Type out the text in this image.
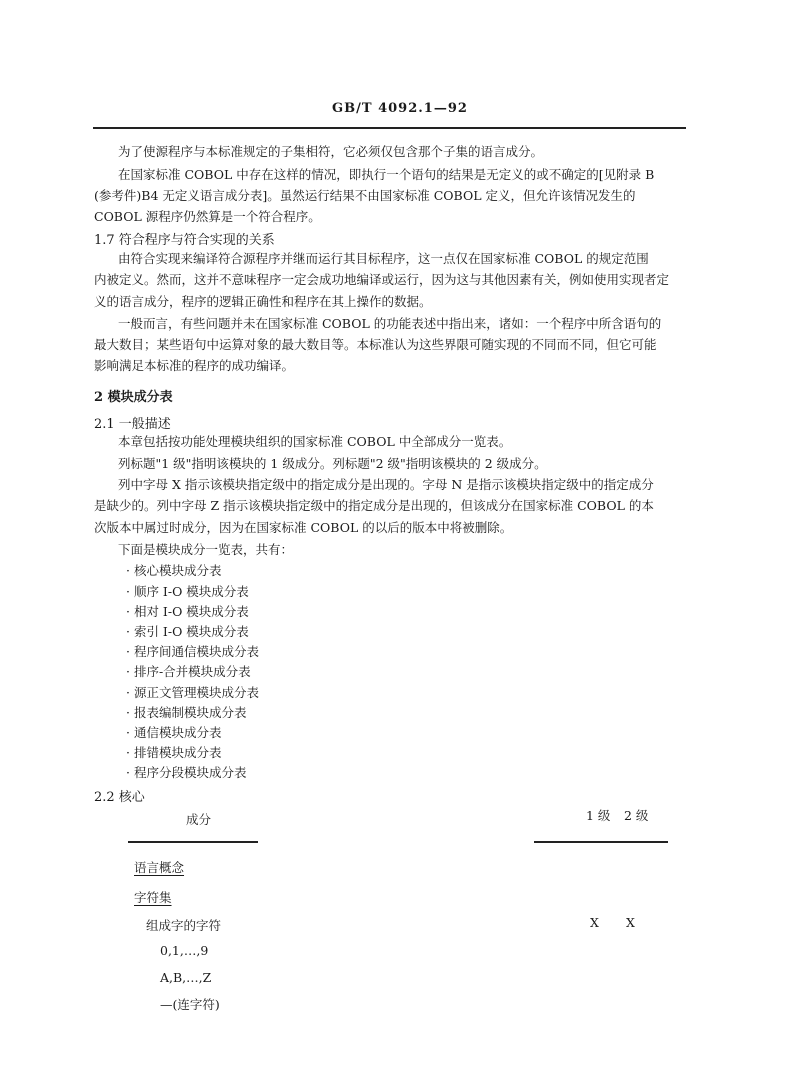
GB/T 4092.1—92
为了使源程序与本标准规定的子集相符，它必须仅包含那个子集的语言成分。
在国家标准 COBOL 中存在这样的情况，即执行一个语句的结果是无定义的或不确定的[见附录 B
(参考件)B4 无定义语言成分表]。虽然运行结果不由国家标准 COBOL 定义，但允许该情况发生的
COBOL 源程序仍然算是一个符合程序。
1.7 符合程序与符合实现的关系
由符合实现来编译符合源程序并继而运行其目标程序，这一点仅在国家标准 COBOL 的规定范围
内被定义。然而，这并不意味程序一定会成功地编译或运行，因为这与其他因素有关，例如使用实现者定
义的语言成分，程序的逻辑正确性和程序在其上操作的数据。
一般而言，有些问题并未在国家标准 COBOL 的功能表述中指出来，诸如：一个程序中所含语句的
最大数目；某些语句中运算对象的最大数目等。本标准认为这些界限可随实现的不同而不同，但它可能
影响满足本标准的程序的成功编译。
2 模块成分表
2.1 一般描述
本章包括按功能处理模块组织的国家标准 COBOL 中全部成分一览表。
列标题"1 级"指明该模块的 1 级成分。列标题"2 级"指明该模块的 2 级成分。
列中字母 X 指示该模块指定级中的指定成分是出现的。字母 N 是指示该模块指定级中的指定成分
是缺少的。列中字母 Z 指示该模块指定级中的指定成分是出现的，但该成分在国家标准 COBOL 的本
次版本中属过时成分，因为在国家标准 COBOL 的以后的版本中将被删除。
下面是模块成分一览表，共有：
· 核心模块成分表
· 顺序 I-O 模块成分表
· 相对 I-O 模块成分表
· 索引 I-O 模块成分表
· 程序间通信模块成分表
· 排序-合并模块成分表
· 源正文管理模块成分表
· 报表编制模块成分表
· 通信模块成分表
· 排错模块成分表
· 程序分段模块成分表
2.2 核心
成分	1 级 2 级
语言概念
字符集
组成字的字符	X X
0,1,…,9
A,B,…,Z
—(连字符)
